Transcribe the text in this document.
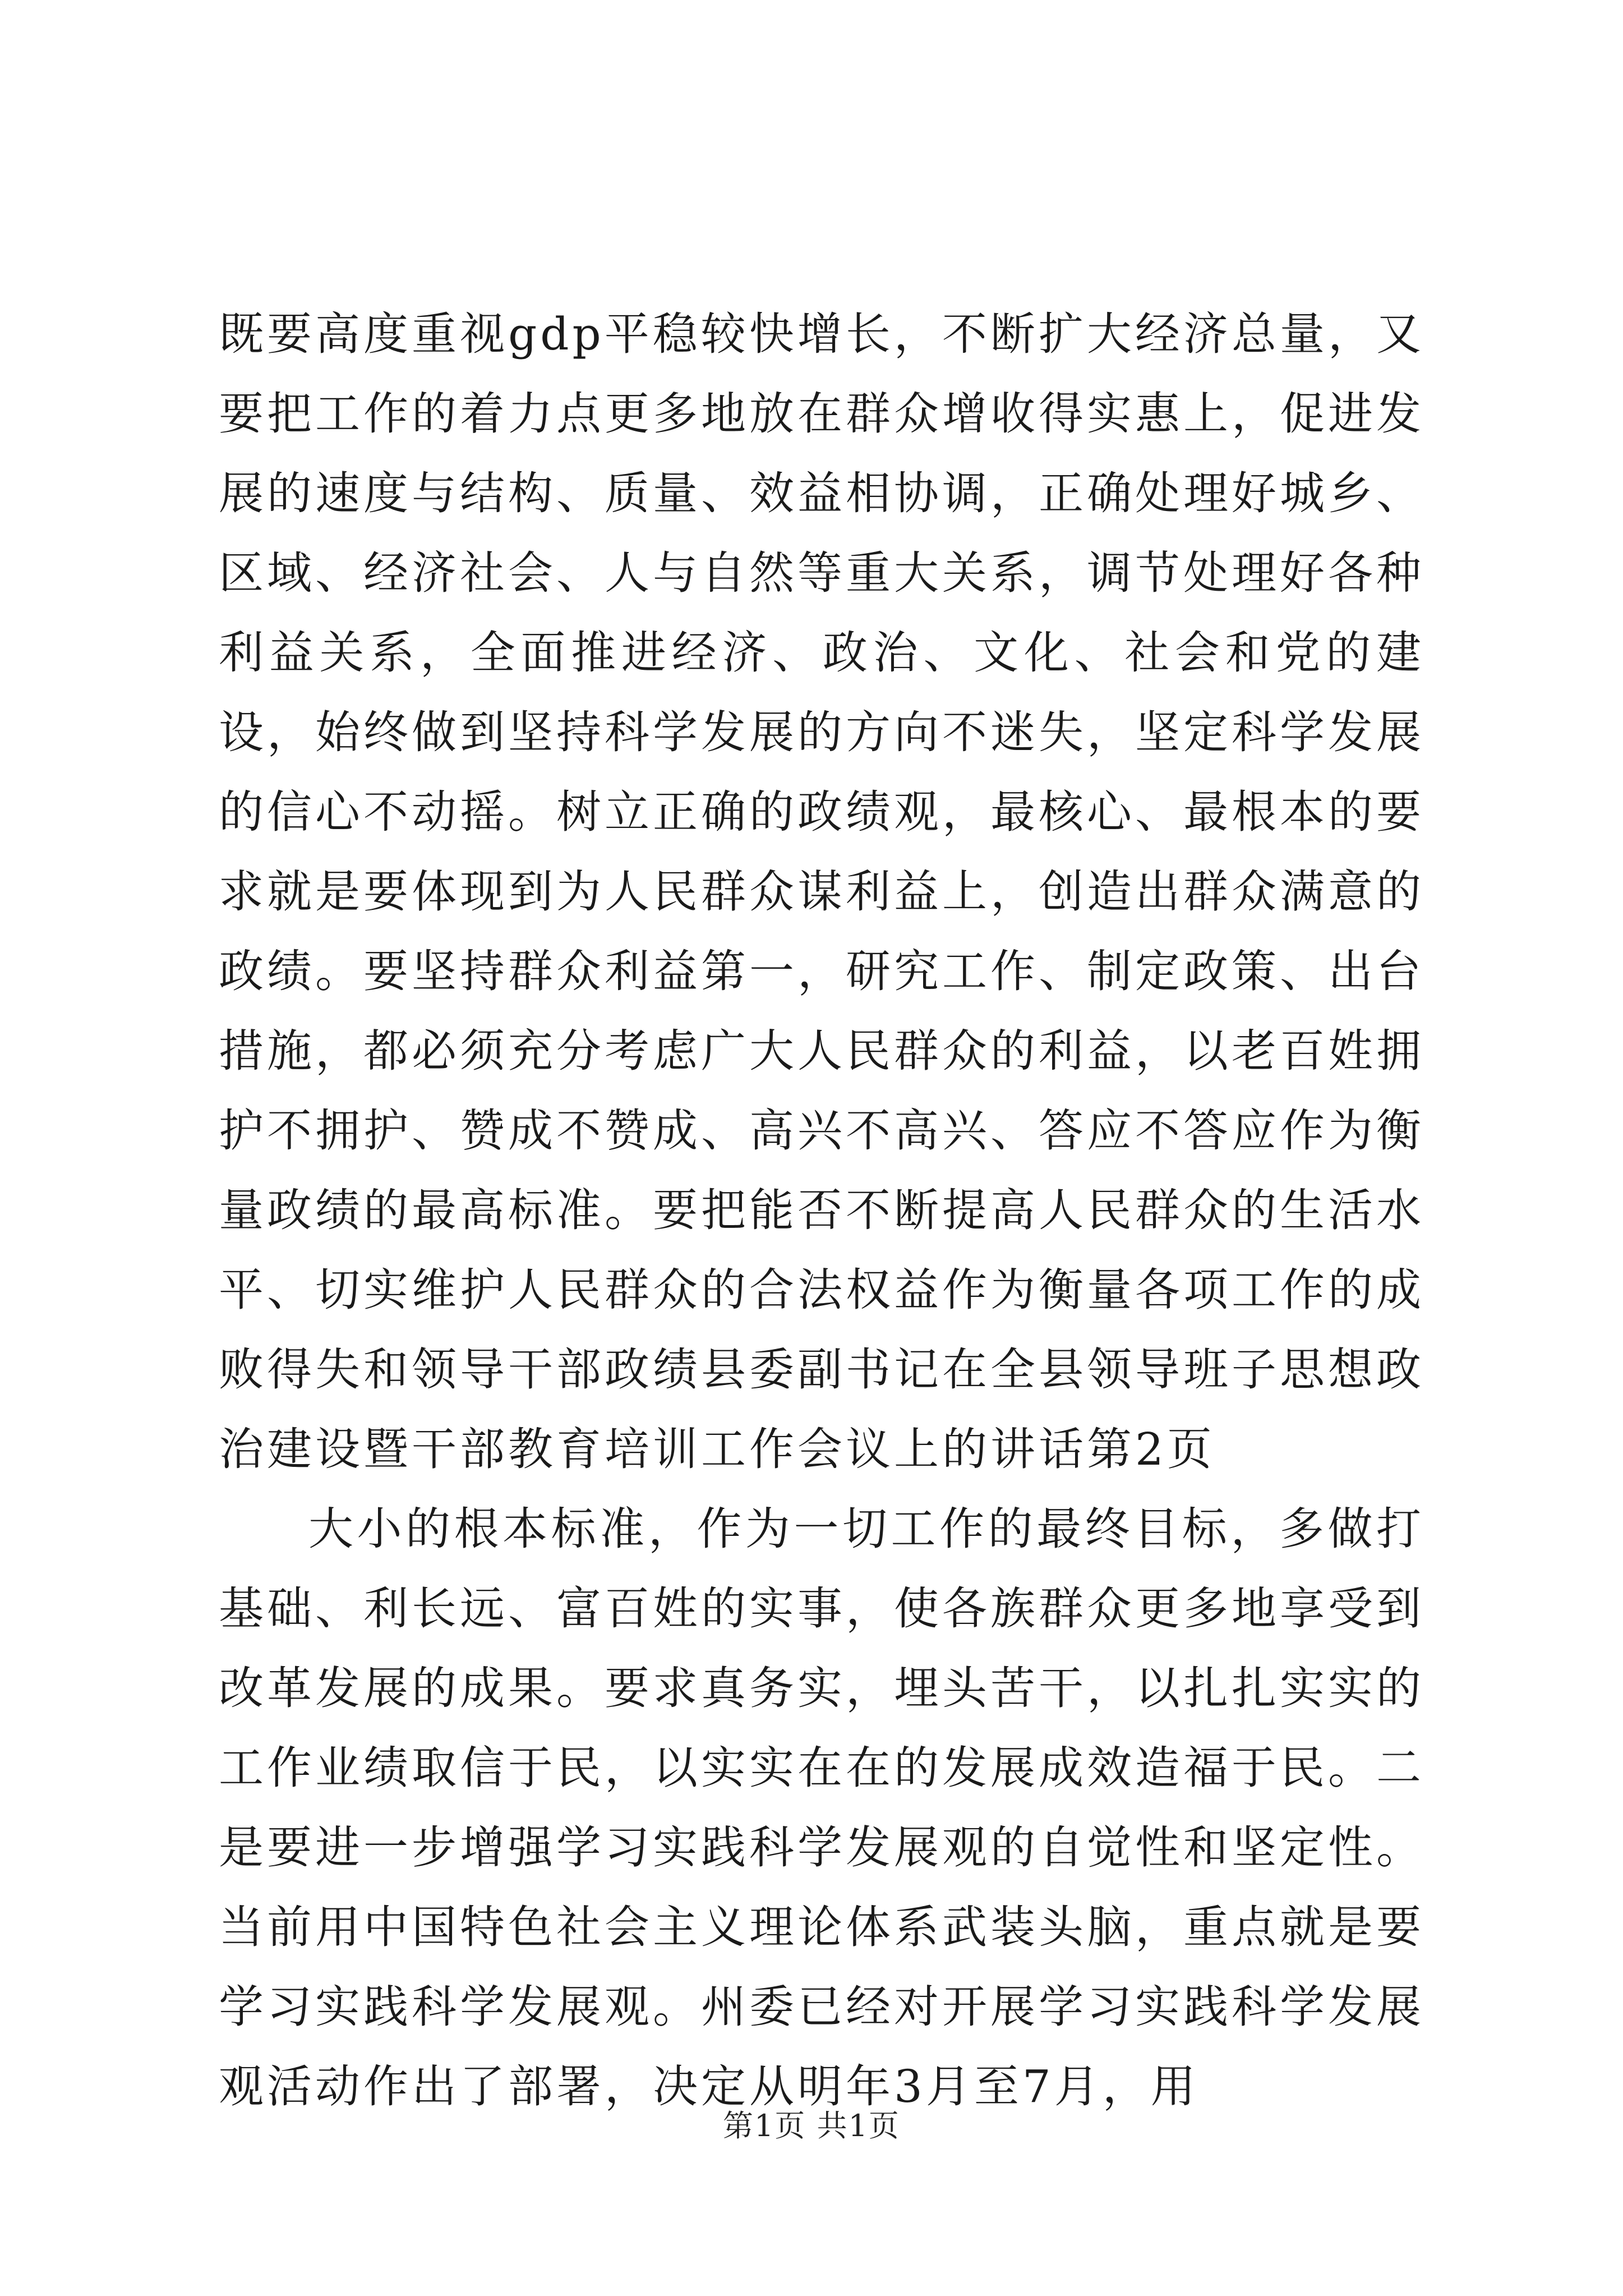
既要高度重视gdp平稳较快增长，不断扩大经济总量，又要把工作的着力点更多地放在群众增收得实惠上，促进发展的速度与结构、质量、效益相协调，正确处理好城乡、区域、经济社会、人与自然等重大关系，调节处理好各种利益关系，全面推进经济、政治、文化、社会和党的建设，始终做到坚持科学发展的方向不迷失，坚定科学发展的信心不动摇。树立正确的政绩观，最核心、最根本的要求就是要体现到为人民群众谋利益上，创造出群众满意的政绩。要坚持群众利益第一，研究工作、制定政策、出台措施，都必须充分考虑广大人民群众的利益，以老百姓拥护不拥护、赞成不赞成、高兴不高兴、答应不答应作为衡量政绩的最高标准。要把能否不断提高人民群众的生活水平、切实维护人民群众的合法权益作为衡量各项工作的成败得失和领导干部政绩县委副书记在全县领导班子思想政治建设暨干部教育培训工作会议上的讲话第2页

大小的根本标准，作为一切工作的最终目标，多做打基础、利长远、富百姓的实事，使各族群众更多地享受到改革发展的成果。要求真务实，埋头苦干，以扎扎实实的工作业绩取信于民，以实实在在的发展成效造福于民。二是要进一步增强学习实践科学发展观的自觉性和坚定性。当前用中国特色社会主义理论体系武装头脑，重点就是要学习实践科学发展观。州委已经对开展学习实践科学发展观活动作出了部署，决定从明年3月至7月，用

第1页 共1页
